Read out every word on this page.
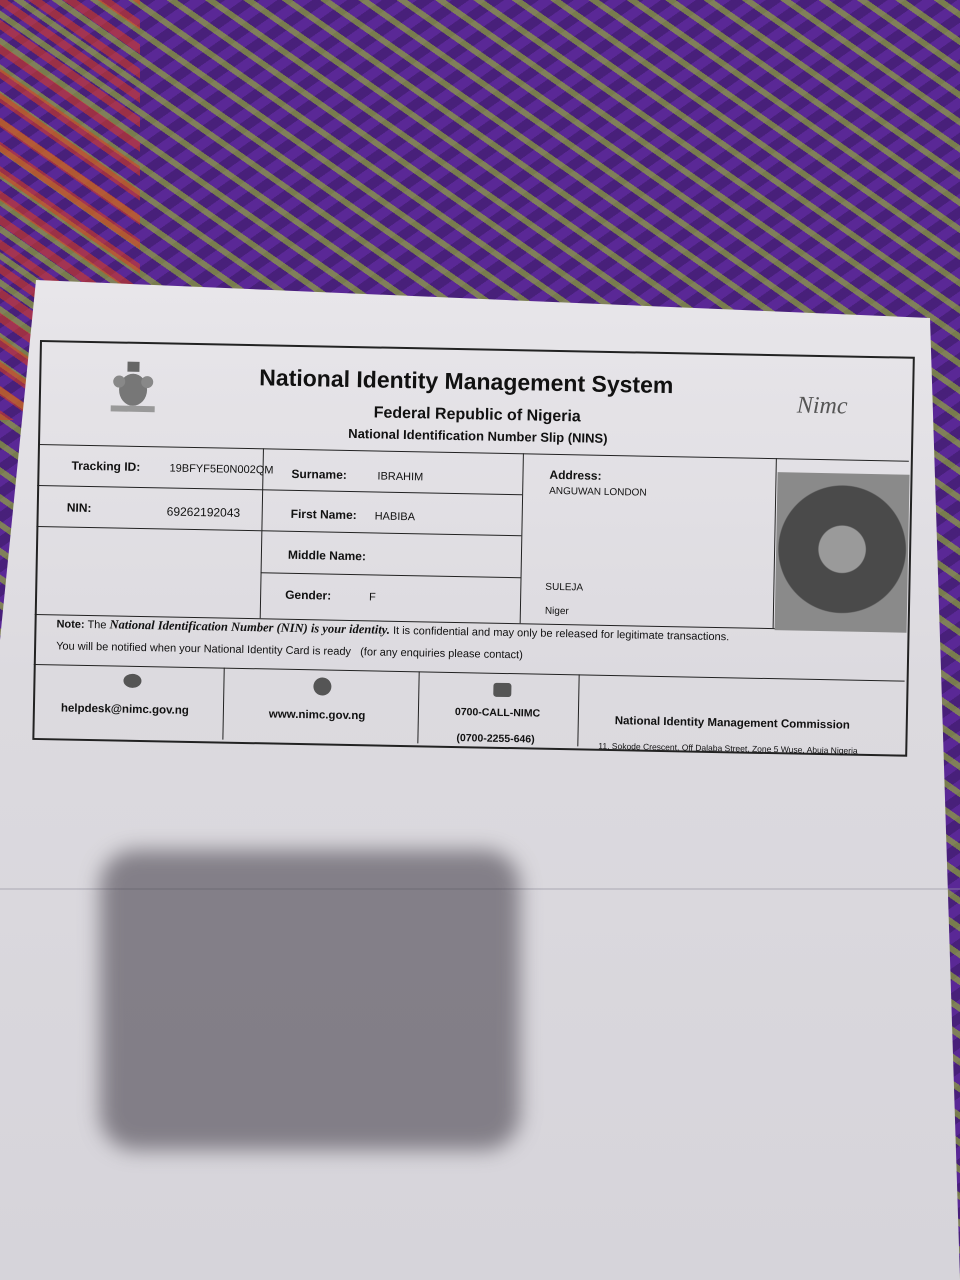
National Identity Management System
Federal Republic of Nigeria
National Identification Number Slip (NINS)
Nimc
Tracking ID:	19BFYF5E0N002QM
NIN:	69262192043
Surname:	IBRAHIM
First Name: HABIBA
Middle Name:
Gender:	F
Address:
ANGUWAN LONDON
SULEJA
Niger
Note: The National Identification Number (NIN) is your identity. It is confidential and may only be released for legitimate transactions.
You will be notified when your National Identity Card is ready (for any enquiries please contact)
helpdesk@nimc.gov.ng	www.nimc.gov.ng	0700-CALL-NIMC
(0700-2255-646)
National Identity Management Commission
11, Sokode Crescent, Off Dalaba Street, Zone 5 Wuse, Abuja Nigeria
